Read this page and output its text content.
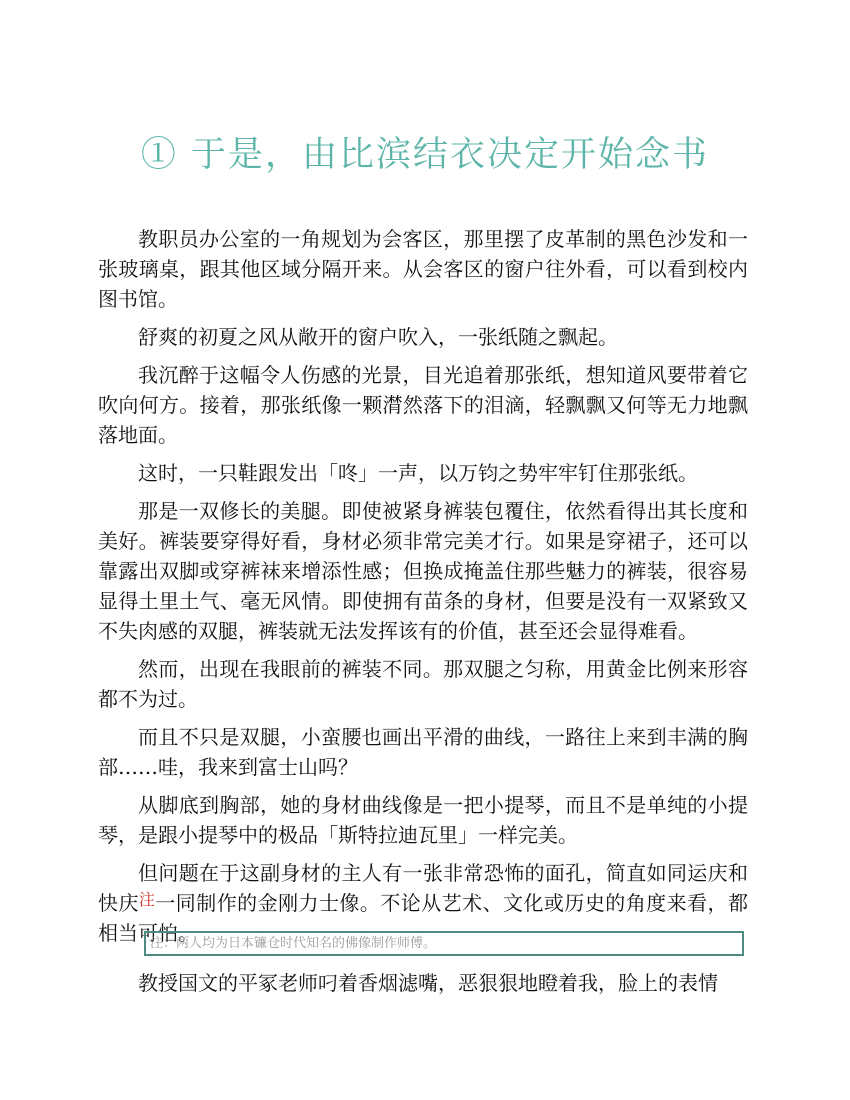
① 于是，由比滨结衣决定开始念书

教职员办公室的一角规划为会客区，那里摆了皮革制的黑色沙发和一张玻璃桌，跟其他区域分隔开来。从会客区的窗户往外看，可以看到校内图书馆。

舒爽的初夏之风从敞开的窗户吹入，一张纸随之飘起。

我沉醉于这幅令人伤感的光景，目光追着那张纸，想知道风要带着它吹向何方。接着，那张纸像一颗潸然落下的泪滴，轻飘飘又何等无力地飘落地面。

这时，一只鞋跟发出「咚」一声，以万钧之势牢牢钉住那张纸。

那是一双修长的美腿。即使被紧身裤装包覆住，依然看得出其长度和美好。裤装要穿得好看，身材必须非常完美才行。如果是穿裙子，还可以靠露出双脚或穿裤袜来增添性感；但换成掩盖住那些魅力的裤装，很容易显得土里土气、毫无风情。即使拥有苗条的身材，但要是没有一双紧致又不失肉感的双腿，裤装就无法发挥该有的价值，甚至还会显得难看。

然而，出现在我眼前的裤装不同。那双腿之匀称，用黄金比例来形容都不为过。

而且不只是双腿，小蛮腰也画出平滑的曲线，一路往上来到丰满的胸部……哇，我来到富士山吗？

从脚底到胸部，她的身材曲线像是一把小提琴，而且不是单纯的小提琴，是跟小提琴中的极品「斯特拉迪瓦里」一样完美。

但问题在于这副身材的主人有一张非常恐怖的面孔，简直如同运庆和快庆$^注$一同制作的金刚力士像。不论从艺术、文化或历史的角度来看，都相当可怕。

注：两人均为日本镰仓时代知名的佛像制作师傅。

教授国文的平冢老师叼着香烟滤嘴，恶狠狠地瞪着我，脸上的表情
